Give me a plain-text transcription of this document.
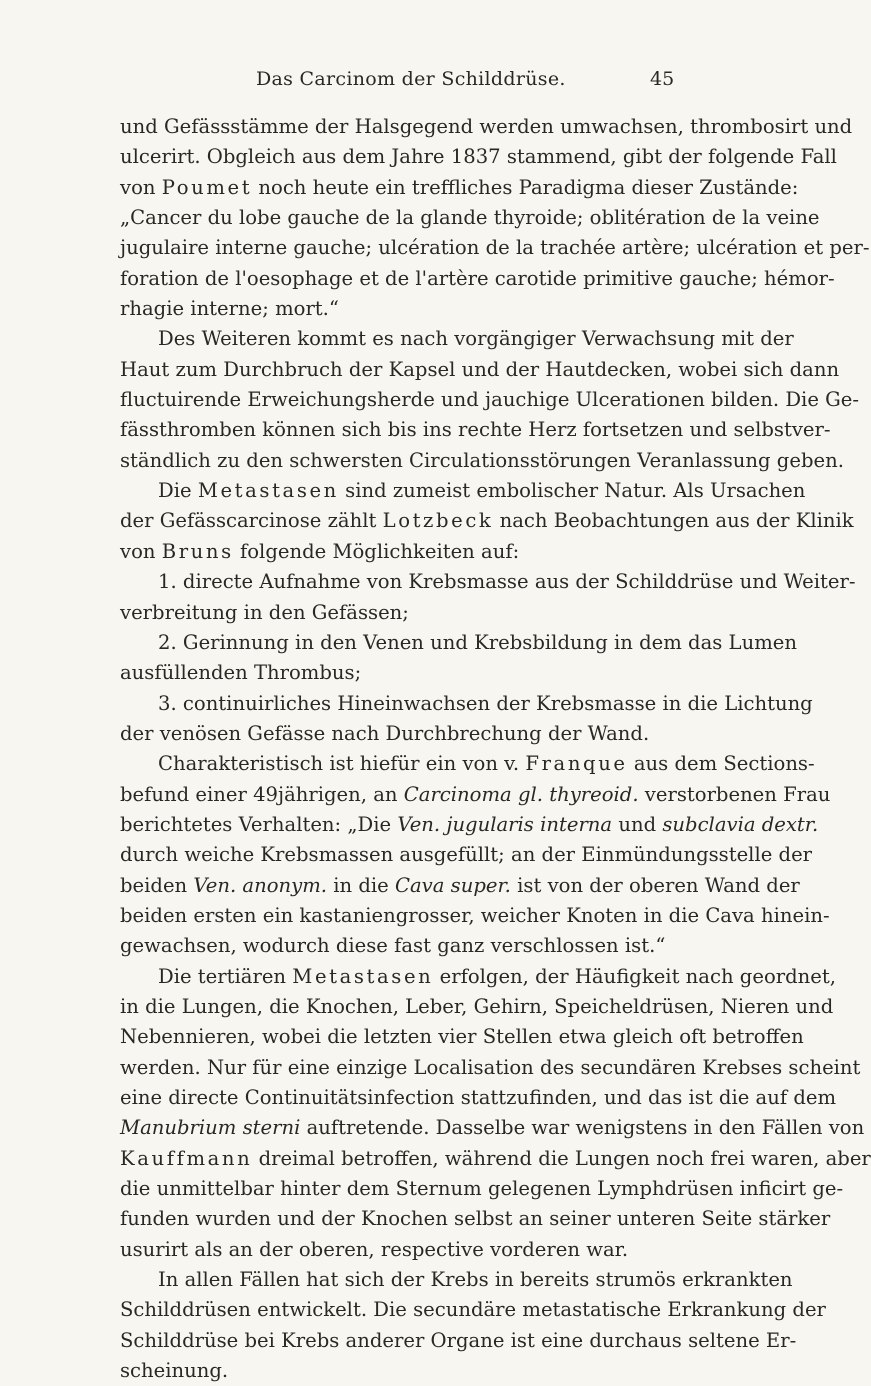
Das Carcinom der Schilddrüse.	45
und Gefässstämme der Halsgegend werden umwachsen, thrombosirt und
ulcerirt. Obgleich aus dem Jahre 1837 stammend, gibt der folgende Fall
von Poumet noch heute ein treffliches Paradigma dieser Zustände:
„Cancer du lobe gauche de la glande thyroide; oblitération de la veine
jugulaire interne gauche; ulcération de la trachée artère; ulcération et per-
foration de l'oesophage et de l'artère carotide primitive gauche; hémor-
rhagie interne; mort.“
Des Weiteren kommt es nach vorgängiger Verwachsung mit der
Haut zum Durchbruch der Kapsel und der Hautdecken, wobei sich dann
fluctuirende Erweichungsherde und jauchige Ulcerationen bilden. Die Ge-
fässthromben können sich bis ins rechte Herz fortsetzen und selbstver-
ständlich zu den schwersten Circulationsstörungen Veranlassung geben.
Die Metastasen sind zumeist embolischer Natur. Als Ursachen
der Gefässcarcinose zählt Lotzbeck nach Beobachtungen aus der Klinik
von Bruns folgende Möglichkeiten auf:
1. directe Aufnahme von Krebsmasse aus der Schilddrüse und Weiter-
verbreitung in den Gefässen;
2. Gerinnung in den Venen und Krebsbildung in dem das Lumen
ausfüllenden Thrombus;
3. continuirliches Hineinwachsen der Krebsmasse in die Lichtung
der venösen Gefässe nach Durchbrechung der Wand.
Charakteristisch ist hiefür ein von v. Franque aus dem Sections-
befund einer 49jährigen, an Carcinoma gl. thyreoid. verstorbenen Frau
berichtetes Verhalten: „Die Ven. jugularis interna und subclavia dextr.
durch weiche Krebsmassen ausgefüllt; an der Einmündungsstelle der
beiden Ven. anonym. in die Cava super. ist von der oberen Wand der
beiden ersten ein kastaniengrosser, weicher Knoten in die Cava hinein-
gewachsen, wodurch diese fast ganz verschlossen ist.“
Die tertiären Metastasen erfolgen, der Häufigkeit nach geordnet,
in die Lungen, die Knochen, Leber, Gehirn, Speicheldrüsen, Nieren und
Nebennieren, wobei die letzten vier Stellen etwa gleich oft betroffen
werden. Nur für eine einzige Localisation des secundären Krebses scheint
eine directe Continuitätsinfection stattzufinden, und das ist die auf dem
Manubrium sterni auftretende. Dasselbe war wenigstens in den Fällen von
Kauffmann dreimal betroffen, während die Lungen noch frei waren, aber
die unmittelbar hinter dem Sternum gelegenen Lymphdrüsen inficirt ge-
funden wurden und der Knochen selbst an seiner unteren Seite stärker
usurirt als an der oberen, respective vorderen war.
In allen Fällen hat sich der Krebs in bereits strumös erkrankten
Schilddrüsen entwickelt. Die secundäre metastatische Erkrankung der
Schilddrüse bei Krebs anderer Organe ist eine durchaus seltene Er-
scheinung.
